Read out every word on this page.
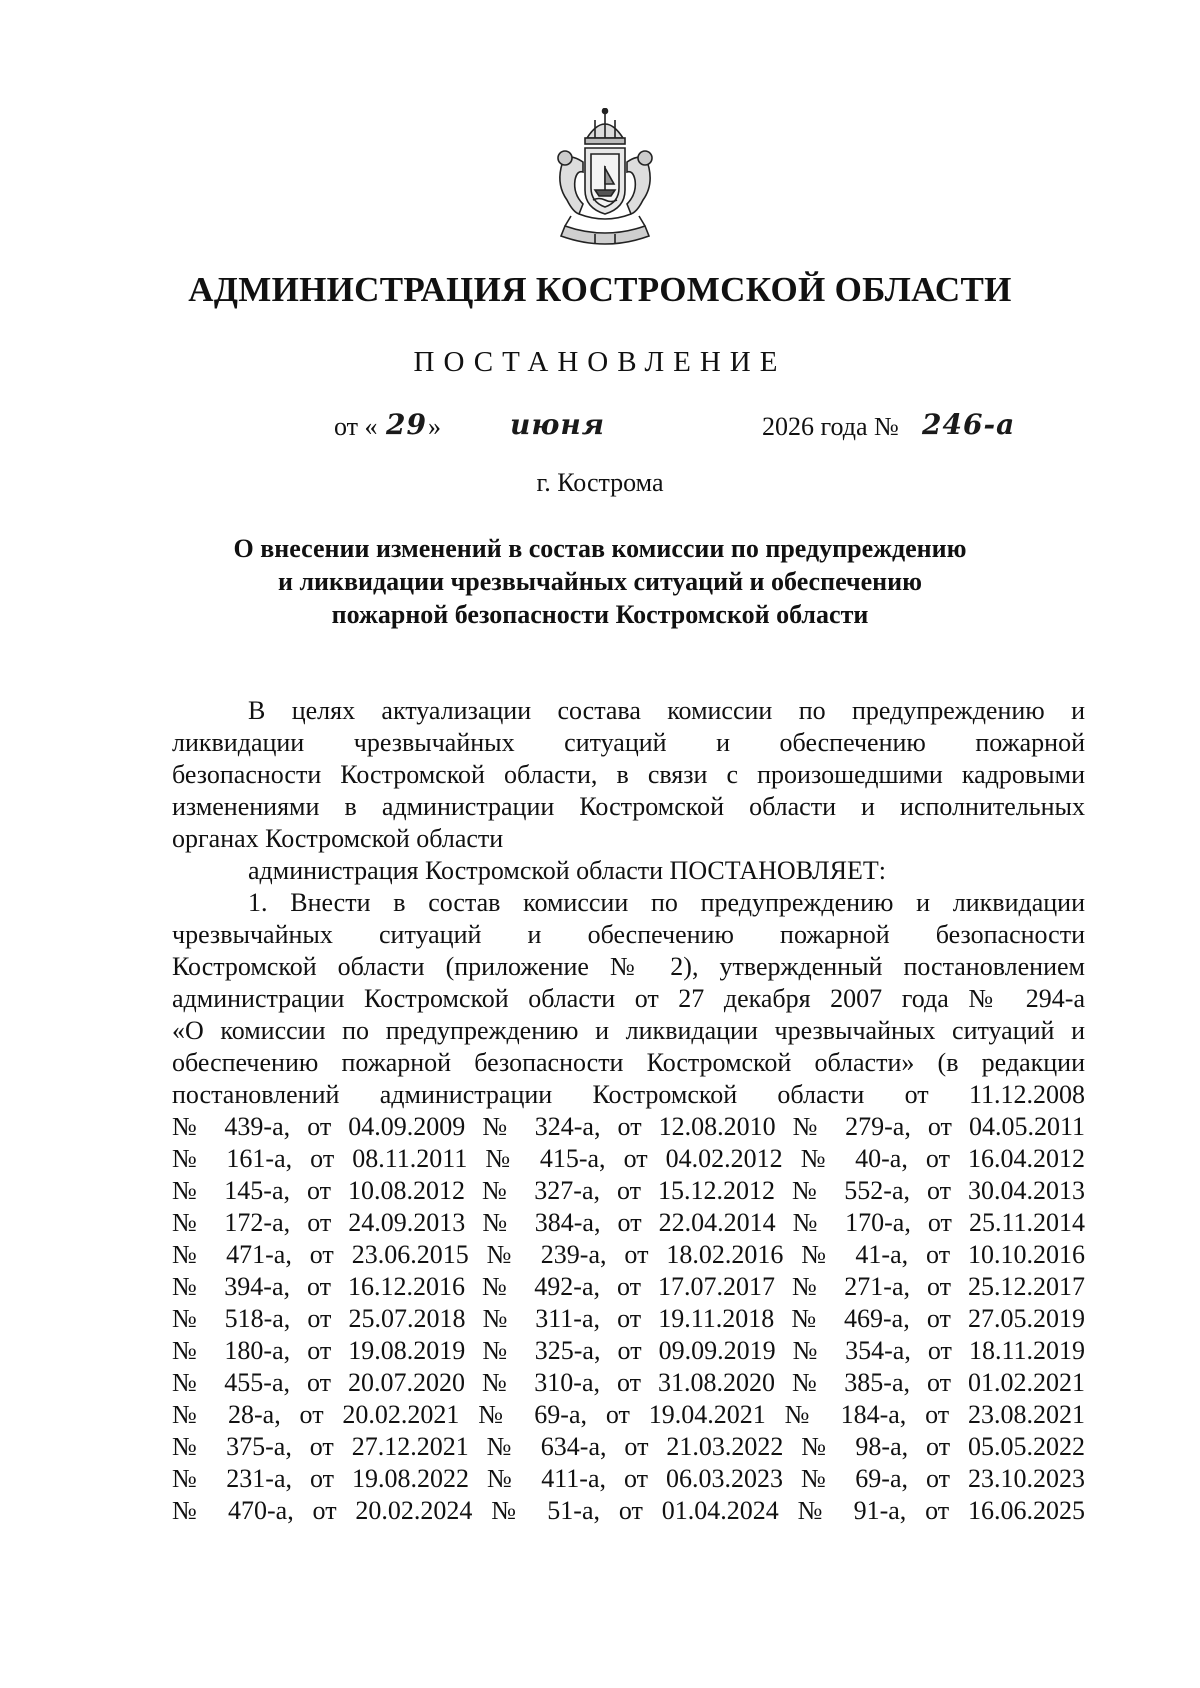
АДМИНИСТРАЦИЯ КОСТРОМСКОЙ ОБЛАСТИ
ПОСТАНОВЛЕНИЕ
от « 29 » июня	2026 года № 246-а
г. Кострома
О внесении изменений в состав комиссии по предупреждению
и ликвидации чрезвычайных ситуаций и обеспечению
пожарной безопасности Костромской области
В целях актуализации состава комиссии по предупреждению и
ликвидации чрезвычайных ситуаций и обеспечению пожарной
безопасности Костромской области, в связи с произошедшими кадровыми
изменениями в администрации Костромской области и исполнительных
органах Костромской области
администрация Костромской области ПОСТАНОВЛЯЕТ:
1. Внести в состав комиссии по предупреждению и ликвидации
чрезвычайных ситуаций и обеспечению пожарной безопасности
Костромской области (приложение № 2), утвержденный постановлением
администрации Костромской области от 27 декабря 2007 года № 294-а
«О комиссии по предупреждению и ликвидации чрезвычайных ситуаций и
обеспечению пожарной безопасности Костромской области» (в редакции
постановлений администрации Костромской области от 11.12.2008
№ 439-а, от 04.09.2009 № 324-а, от 12.08.2010 № 279-а, от 04.05.2011
№ 161-а, от 08.11.2011 № 415-а, от 04.02.2012 № 40-а, от 16.04.2012
№ 145-а, от 10.08.2012 № 327-а, от 15.12.2012 № 552-а, от 30.04.2013
№ 172-а, от 24.09.2013 № 384-а, от 22.04.2014 № 170-а, от 25.11.2014
№ 471-а, от 23.06.2015 № 239-а, от 18.02.2016 № 41-а, от 10.10.2016
№ 394-а, от 16.12.2016 № 492-а, от 17.07.2017 № 271-а, от 25.12.2017
№ 518-а, от 25.07.2018 № 311-а, от 19.11.2018 № 469-а, от 27.05.2019
№ 180-а, от 19.08.2019 № 325-а, от 09.09.2019 № 354-а, от 18.11.2019
№ 455-а, от 20.07.2020 № 310-а, от 31.08.2020 № 385-а, от 01.02.2021
№ 28-а, от 20.02.2021 № 69-а, от 19.04.2021 № 184-а, от 23.08.2021
№ 375-а, от 27.12.2021 № 634-а, от 21.03.2022 № 98-а, от 05.05.2022
№ 231-а, от 19.08.2022 № 411-а, от 06.03.2023 № 69-а, от 23.10.2023
№ 470-а, от 20.02.2024 № 51-а, от 01.04.2024 № 91-а, от 16.06.2025
